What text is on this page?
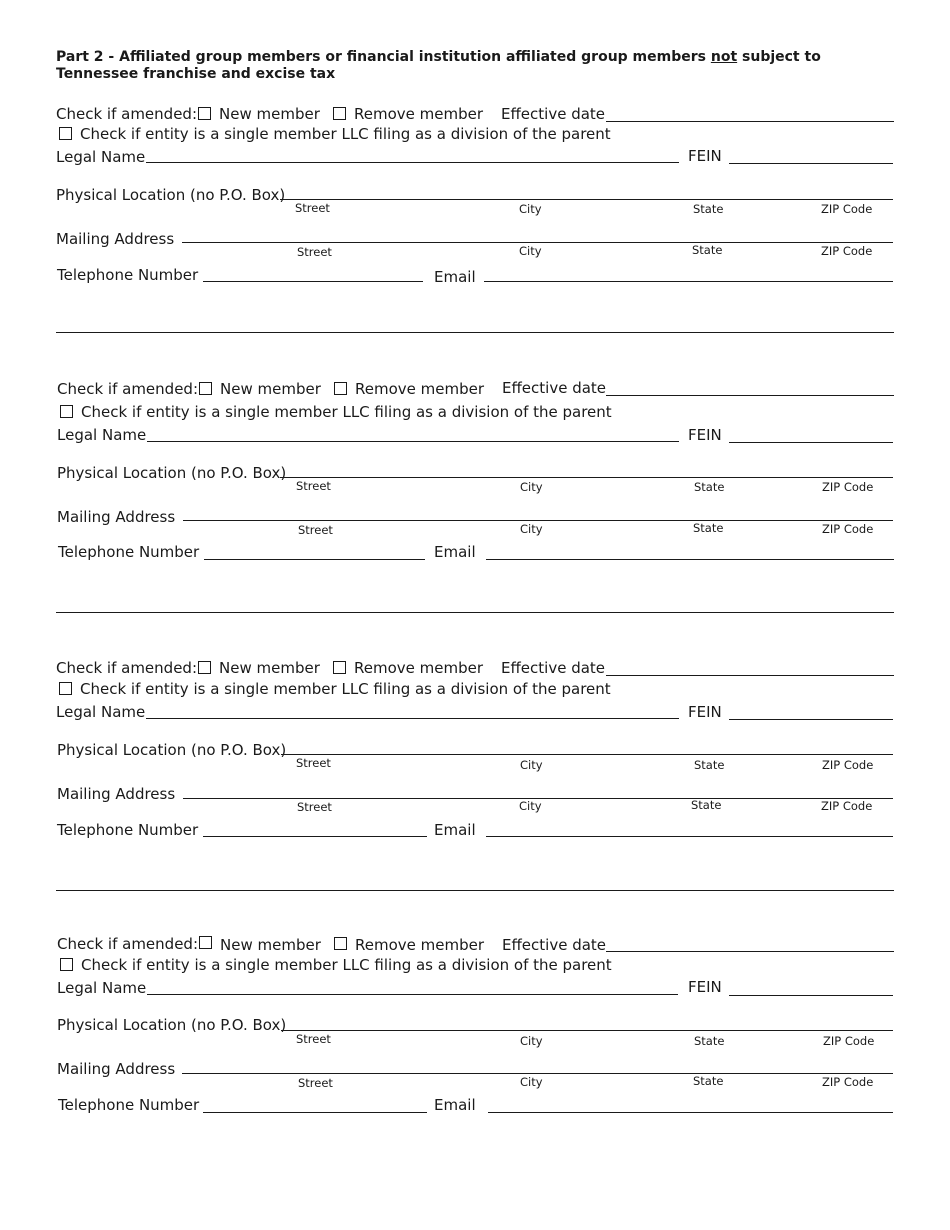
Part 2 - Affiliated group members or financial institution affiliated group members not subject to Tennessee franchise and excise tax
Check if amended: New member Remove member Effective date
Check if entity is a single member LLC filing as a division of the parent
Legal Name	FEIN
Physical Location (no P.O. Box)
Street	City	State	ZIP Code
Mailing Address
Street	City	State	ZIP Code
Telephone Number	Email
Check if amended: New member Remove member Effective date
Check if entity is a single member LLC filing as a division of the parent
Legal Name	FEIN
Physical Location (no P.O. Box)
Street	City	State	ZIP Code
Mailing Address
Street	City	State	ZIP Code
Telephone Number	Email
Check if amended: New member Remove member Effective date
Check if entity is a single member LLC filing as a division of the parent
Legal Name	FEIN
Physical Location (no P.O. Box)
Street	City	State	ZIP Code
Mailing Address
Street	City	State	ZIP Code
Telephone Number	Email
Check if amended: New member Remove member Effective date
Check if entity is a single member LLC filing as a division of the parent
Legal Name	FEIN
Physical Location (no P.O. Box)
Street	City	State	ZIP Code
Mailing Address
Street	City	State	ZIP Code
Telephone Number	Email
